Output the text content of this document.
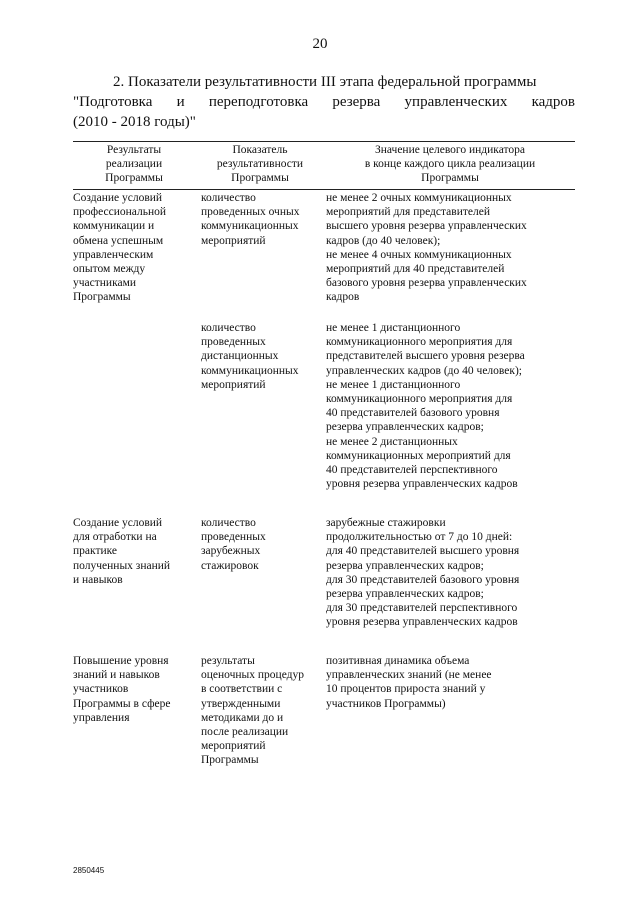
20
2. Показатели результативности III этапа федеральной программы
"Подготовка и переподготовка резерва управленческих кадров
(2010 - 2018 годы)"
Результаты
реализации
Программы
Показатель
результативности
Программы
Значение целевого индикатора
в конце каждого цикла реализации
Программы
Создание условий
профессиональной
коммуникации и
обмена успешным
управленческим
опытом между
участниками
Программы
количество
проведенных очных
коммуникационных
мероприятий
не менее 2 очных коммуникационных
мероприятий для представителей
высшего уровня резерва управленческих
кадров (до 40 человек);
не менее 4 очных коммуникационных
мероприятий для 40 представителей
базового уровня резерва управленческих
кадров
количество
проведенных
дистанционных
коммуникационных
мероприятий
не менее 1 дистанционного
коммуникационного мероприятия для
представителей высшего уровня резерва
управленческих кадров (до 40 человек);
не менее 1 дистанционного
коммуникационного мероприятия для
40 представителей базового уровня
резерва управленческих кадров;
не менее 2 дистанционных
коммуникационных мероприятий для
40 представителей перспективного
уровня резерва управленческих кадров
Создание условий
для отработки на
практике
полученных знаний
и навыков
количество
проведенных
зарубежных
стажировок
зарубежные стажировки
продолжительностью от 7 до 10 дней:
для 40 представителей высшего уровня
резерва управленческих кадров;
для 30 представителей базового уровня
резерва управленческих кадров;
для 30 представителей перспективного
уровня резерва управленческих кадров
Повышение уровня
знаний и навыков
участников
Программы в сфере
управления
результаты
оценочных процедур
в соответствии с
утвержденными
методиками до и
после реализации
мероприятий
Программы
позитивная динамика объема
управленческих знаний (не менее
10 процентов прироста знаний у
участников Программы)
2850445
